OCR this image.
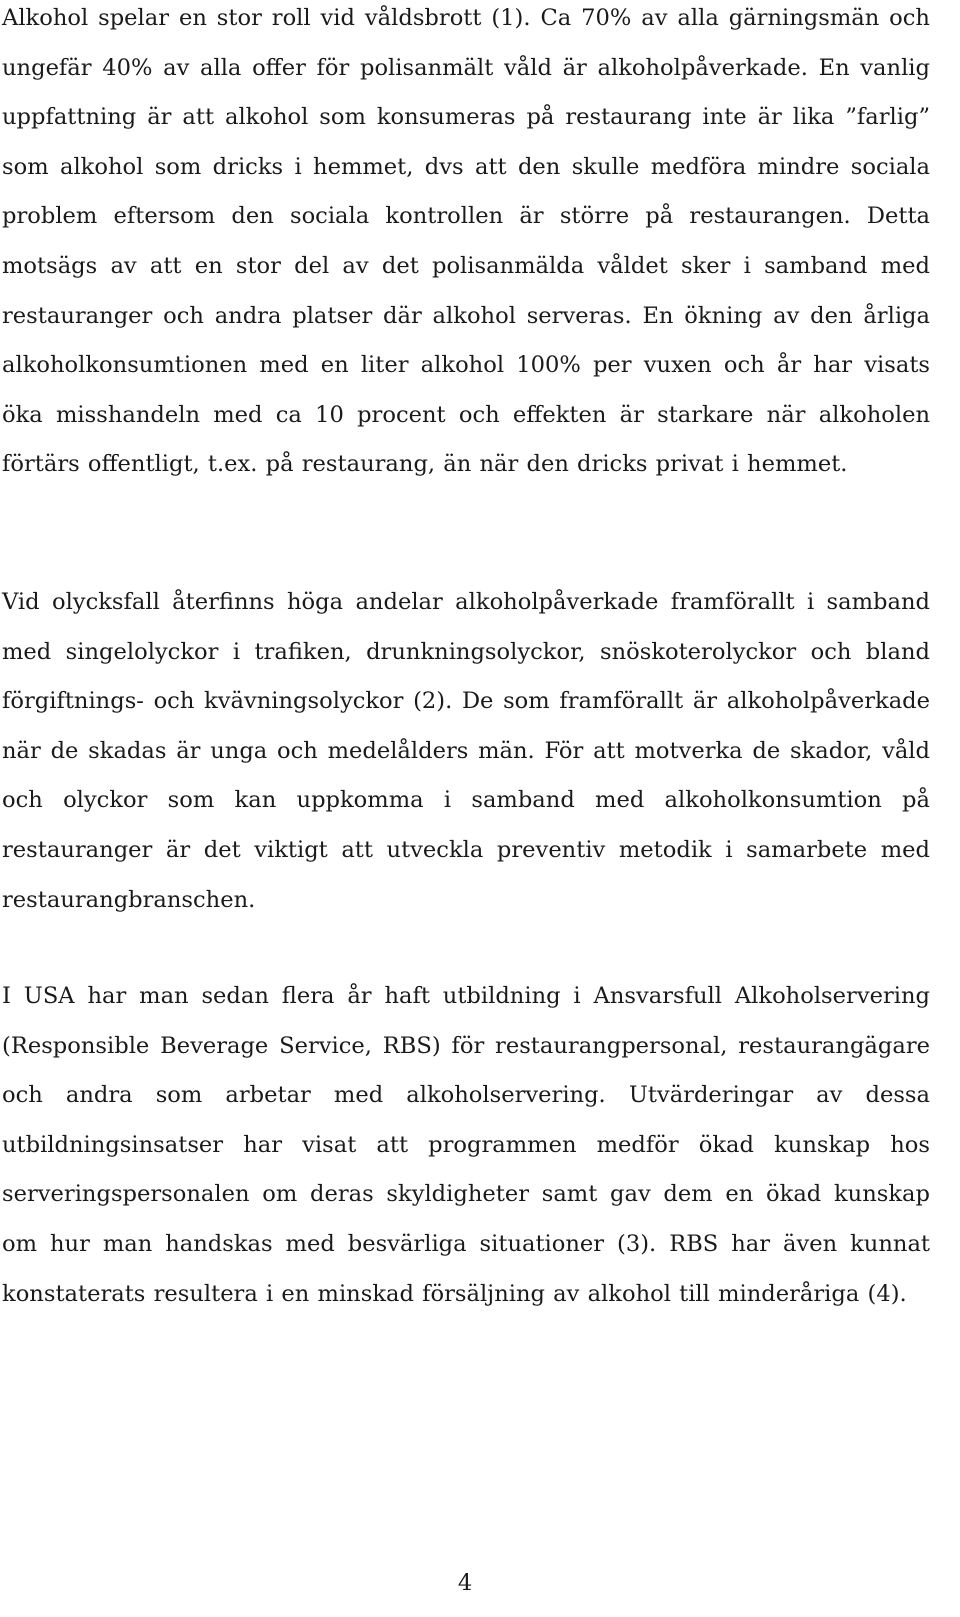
Alkohol spelar en stor roll vid våldsbrott (1). Ca 70% av alla gärningsmän och ungefär 40% av alla offer för polisanmält våld är alkoholpåverkade. En vanlig uppfattning är att alkohol som konsumeras på restaurang inte är lika ”farlig” som alkohol som dricks i hemmet, dvs att den skulle medföra mindre sociala problem eftersom den sociala kontrollen är större på restaurangen. Detta motsägs av att en stor del av det polisanmälda våldet sker i samband med restauranger och andra platser där alkohol serveras. En ökning av den årliga alkoholkonsumtionen med en liter alkohol 100% per vuxen och år har visats öka misshandeln med ca 10 procent och effekten är starkare när alkoholen förtärs offentligt, t.ex. på restaurang, än när den dricks privat i hemmet.

Vid olycksfall återfinns höga andelar alkoholpåverkade framförallt i samband med singelolyckor i trafiken, drunkningsolyckor, snöskoterolyckor och bland förgiftnings- och kvävningsolyckor (2). De som framförallt är alkoholpåverkade när de skadas är unga och medelålders män. För att motverka de skador, våld och olyckor som kan uppkomma i samband med alkoholkonsumtion på restauranger är det viktigt att utveckla preventiv metodik i samarbete med restaurangbranschen.

I USA har man sedan flera år haft utbildning i Ansvarsfull Alkoholservering (Responsible Beverage Service, RBS) för restaurangpersonal, restaurangägare och andra som arbetar med alkoholservering. Utvärderingar av dessa utbildningsinsatser har visat att programmen medför ökad kunskap hos serveringspersonalen om deras skyldigheter samt gav dem en ökad kunskap om hur man handskas med besvärliga situationer (3). RBS har även kunnat konstaterats resultera i en minskad försäljning av alkohol till minderåriga (4).

4
